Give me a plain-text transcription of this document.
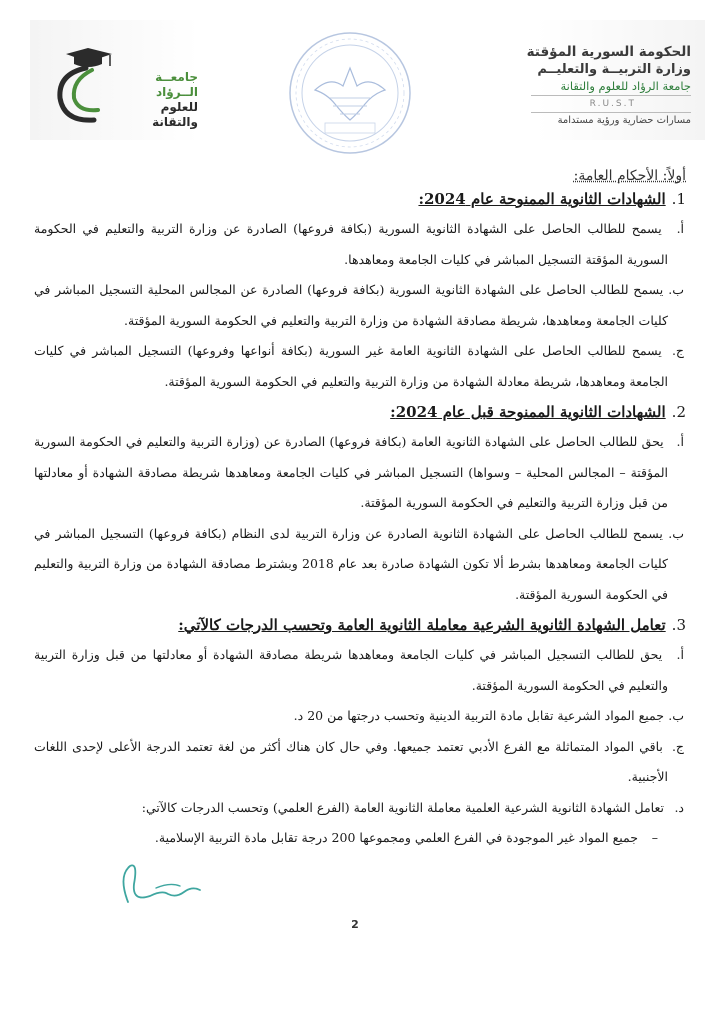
الحكومة السورية المؤقتة
وزارة التربيــة والتعليــم
جامعة الرؤاد للعلوم والتقانة
R.U.S.T
مسارات حضارية ورؤية مستدامة
جامعــة الــرؤاد
للعلوم والتقانة
أولاً: الأحكام العامة:
1.الشهادات الثانوية الممنوحة عام 2024:

أ. يسمح للطالب الحاصل على الشهادة الثانوية السورية (بكافة فروعها) الصادرة عن وزارة التربية والتعليم في الحكومة السورية المؤقتة التسجيل المباشر في كليات الجامعة ومعاهدها.

ب. يسمح للطالب الحاصل على الشهادة الثانوية السورية (بكافة فروعها) الصادرة عن المجالس المحلية التسجيل المباشر في كليات الجامعة ومعاهدها، شريطة مصادقة الشهادة من وزارة التربية والتعليم في الحكومة السورية المؤقتة.

ج. يسمح للطالب الحاصل على الشهادة الثانوية العامة غير السورية (بكافة أنواعها وفروعها) التسجيل المباشر في كليات الجامعة ومعاهدها، شريطة معادلة الشهادة من وزارة التربية والتعليم في الحكومة السورية المؤقتة.

2.الشهادات الثانوية الممنوحة قبل عام 2024:

أ. يحق للطالب الحاصل على الشهادة الثانوية العامة (بكافة فروعها) الصادرة عن (وزارة التربية والتعليم في الحكومة السورية المؤقتة – المجالس المحلية – وسواها) التسجيل المباشر في كليات الجامعة ومعاهدها شريطة مصادقة الشهادة أو معادلتها من قبل وزارة التربية والتعليم في الحكومة السورية المؤقتة.

ب. يسمح للطالب الحاصل على الشهادة الثانوية الصادرة عن وزارة التربية لدى النظام (بكافة فروعها) التسجيل المباشر في كليات الجامعة ومعاهدها بشرط ألا تكون الشهادة صادرة بعد عام 2018 وبشترط مصادقة الشهادة من وزارة التربية والتعليم في الحكومة السورية المؤقتة.

3.تعامل الشهادة الثانوية الشرعية معاملة الثانوية العامة وتحسب الدرجات كالآتي:

أ. يحق للطالب التسجيل المباشر في كليات الجامعة ومعاهدها شريطة مصادقة الشهادة أو معادلتها من قبل وزارة التربية والتعليم في الحكومة السورية المؤقتة.

ب. جميع المواد الشرعية تقابل مادة التربية الدينية وتحسب درجتها من 20 د.

ج. باقي المواد المتماثلة مع الفرع الأدبي تعتمد جميعها. وفي حال كان هناك أكثر من لغة تعتمد الدرجة الأعلى لإحدى اللغات الأجنبية.

د. تعامل الشهادة الثانوية الشرعية العلمية معاملة الثانوية العامة (الفرع العلمي) وتحسب الدرجات كالآتي:

– جميع المواد غير الموجودة في الفرع العلمي ومجموعها 200 درجة تقابل مادة التربية الإسلامية.

2
